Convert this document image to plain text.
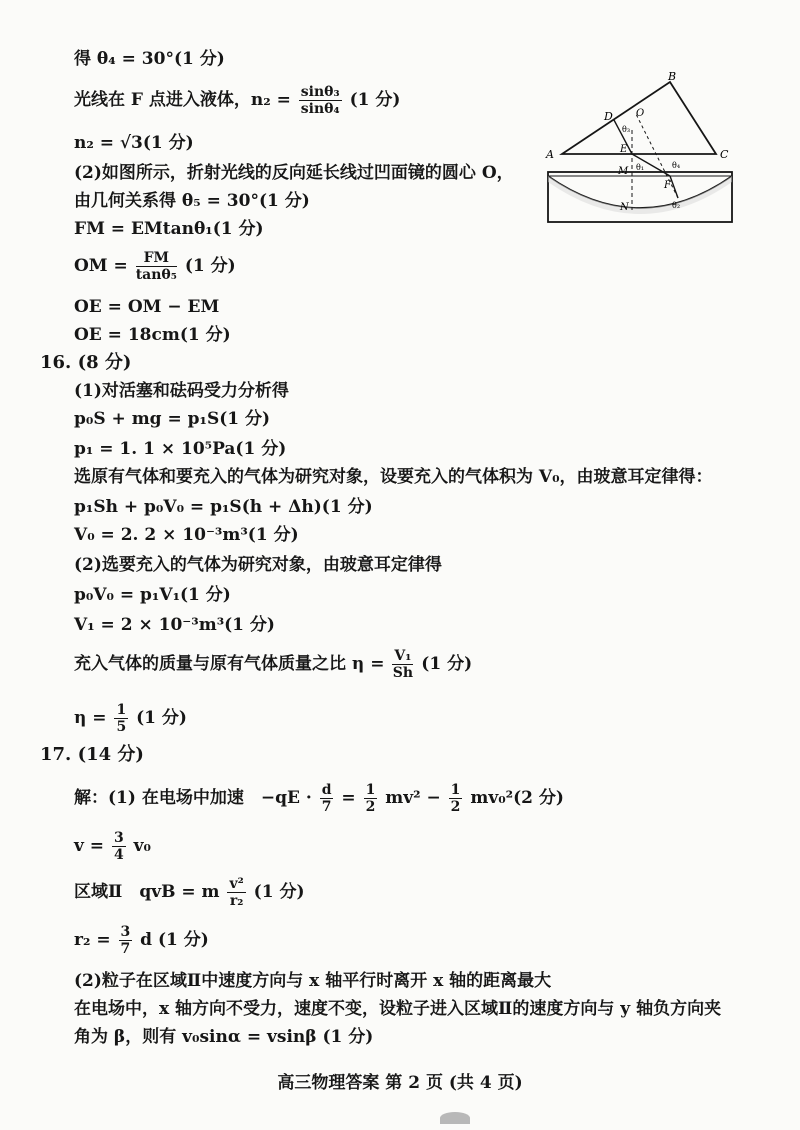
得 θ₄ = 30°(1 分)
光线在 F 点进入液体，$n_2 = \frac{\text{sinθ₃}}{\text{sinθ₄}} (1$ 分)
n₂ = √3(1 分)
(2)如图所示，折射光线的反向延长线过凹面镜的圆心 O，
由几何关系得 θ₅ = 30°(1 分)
FM = EMtanθ₁(1 分)
OM = $\frac{FM}{\text{tanθ₅}} (1$ 分)
OE = OM − EM
OE = 18cm(1 分)
16. (8 分)
(1)对活塞和砝码受力分析得
p₀S + mg = p₁S(1 分)
p₁ = 1. 1 × 10⁵Pa(1 分)
选原有气体和要充入的气体为研究对象，设要充入的气体积为 V₀，由玻意耳定律得：
p₁Sh + p₀V₀ = p₁S(h + Δh)(1 分)
V₀ = 2. 2 × 10⁻³m³(1 分)
(2)选要充入的气体为研究对象，由玻意耳定律得
p₀V₀ = p₁V₁(1 分)
V₁ = 2 × 10⁻³m³(1 分)
充入气体的质量与原有气体质量之比 $\eta = \frac{\text{V₁}}{Sh} (1$ 分)
$\eta = \frac{1}{5} (1$ 分)
17. (14 分)
解：(1) 在电场中加速　$-qE \cdot \frac{d}{7} = \frac{1}{2} mv^2 - \frac{1}{2} mv_0^2(2$ 分)
$v = \frac{3}{4} v_0$
区域Ⅱ　qvB = m $\frac{\text{v²}}{\text{r₂}} (1$ 分)
$r_2 = \frac{3}{7}$ d (1 分)
(2)粒子在区域Ⅱ中速度方向与 x 轴平行时离开 x 轴的距离最大
在电场中，x 轴方向不受力，速度不变，设粒子进入区域Ⅱ的速度方向与 y 轴负方向夹
角为 β，则有 v₀sinα = vsinβ (1 分)
高三物理答案 第 2 页 (共 4 页)
A
B
C
D
E
F
M
N
O
θ₁
θ₂
θ₃
θ₄
